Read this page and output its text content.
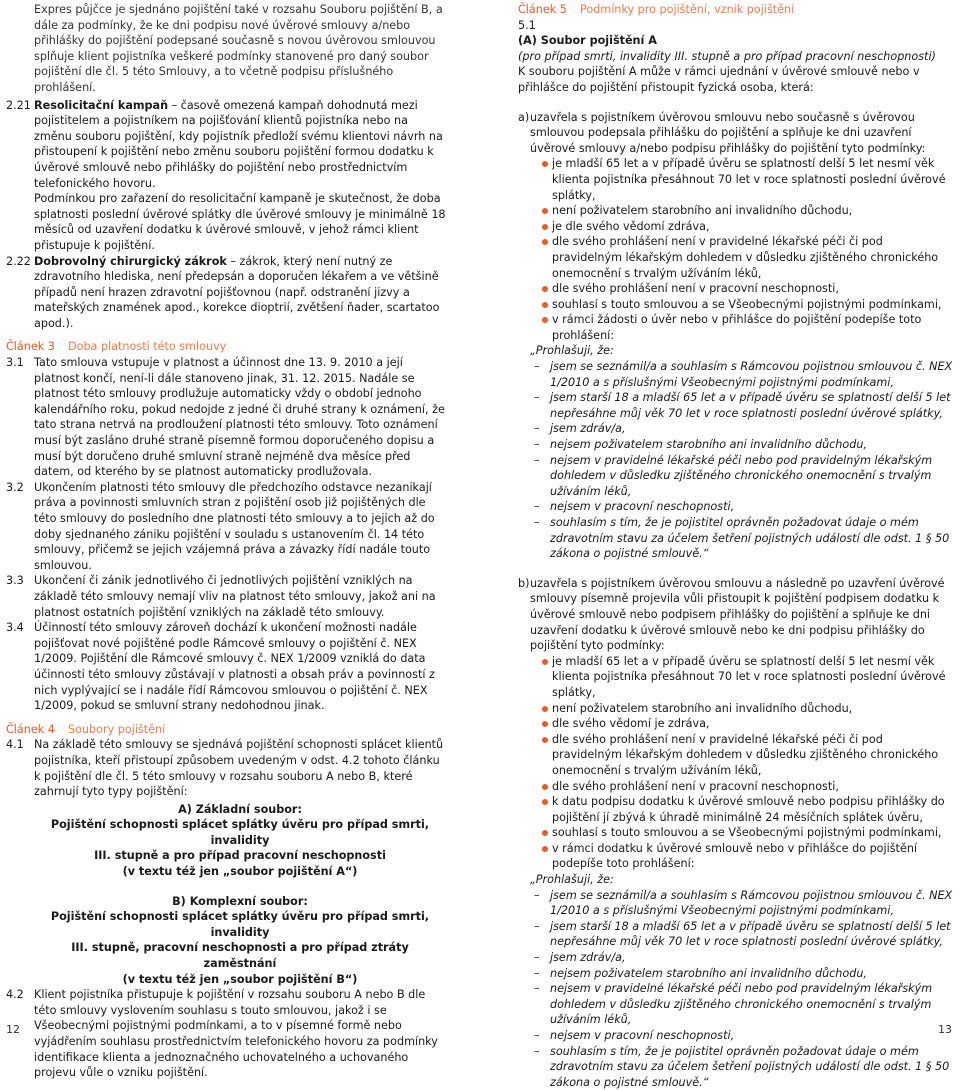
Expres půjčce je sjednáno pojištění také v rozsahu Souboru pojištění B, a dále za podmínky, že ke dni podpisu nové úvěrové smlouvy a/nebo přihlášky do pojištění podepsané současně s novou úvěrovou smlouvou splňuje klient pojistníka veškeré podmínky stanovené pro daný soubor pojištění dle čl. 5 této Smlouvy, a to včetně podpisu příslušného prohlášení.

2.21 Resolicitační kampaň – časově omezená kampaň dohodnutá mezi pojistitelem a pojistníkem na pojišťování klientů pojistníka nebo na změnu souboru pojištění, kdy pojistník předloží svému klientovi návrh na přistoupení k pojištění nebo změnu souboru pojištění formou dodatku k úvěrové smlouvě nebo přihlášky do pojištění nebo prostřednictvím telefonického hovoru.

Podmínkou pro zařazení do resolicitační kampaně je skutečnost, že doba splatnosti poslední úvěrové splátky dle úvěrové smlouvy je minimálně 18 měsíců od uzavření dodatku k úvěrové smlouvě, v jehož rámci klient přistupuje k pojištění.

2.22 Dobrovolný chirurgický zákrok – zákrok, který není nutný ze zdravotního hlediska, není předepsán a doporučen lékařem a ve většině případů není hrazen zdravotní pojišťovnou (např. odstranění jizvy a mateřských znamének apod., korekce dioptrií, zvětšení ňader, scartatoo apod.).

Článek 3 Doba platnosti této smlouvy

3.1 Tato smlouva vstupuje v platnost a účinnost dne 13. 9. 2010 a její platnost končí, není-li dále stanoveno jinak, 31. 12. 2015. Nadále se platnost této smlouvy prodlužuje automaticky vždy o období jednoho kalendářního roku, pokud nedojde z jedné či druhé strany k oznámení, že tato strana netrvá na prodloužení platnosti této smlouvy. Toto oznámení musí být zasláno druhé straně písemně formou doporučeného dopisu a musí být doručeno druhé smluvní straně nejméně dva měsíce před datem, od kterého by se platnost automaticky prodlužovala.

3.2 Ukončením platnosti této smlouvy dle předchozího odstavce nezanikají práva a povinnosti smluvních stran z pojištění osob již pojištěných dle této smlouvy do posledního dne platnosti této smlouvy a to jejich až do doby sjednaného zániku pojištění v souladu s ustanovením čl. 14 této smlouvy, přičemž se jejich vzájemná práva a závazky řídí nadále touto smlouvou.

3.3 Ukončení či zánik jednotlivého či jednotlivých pojištění vzniklých na základě této smlouvy nemají vliv na platnost této smlouvy, jakož ani na platnost ostatních pojištění vzniklých na základě této smlouvy.

3.4 Účinností této smlouvy zároveň dochází k ukončení možnosti nadále pojišťovat nové pojištěné podle Rámcové smlouvy o pojištění č. NEX 1/2009. Pojištění dle Rámcové smlouvy č. NEX 1/2009 vzniklá do data účinnosti této smlouvy zůstávají v platnosti a obsah práv a povinností z nich vyplývající se i nadále řídí Rámcovou smlouvou o pojištění č. NEX 1/2009, pokud se smluvní strany nedohodnou jinak.

Článek 4 Soubory pojištění

4.1 Na základě této smlouvy se sjednává pojištění schopnosti splácet klientů pojistníka, kteří přistoupí způsobem uvedeným v odst. 4.2 tohoto článku k pojištění dle čl. 5 této smlouvy v rozsahu souboru A nebo B, které zahrnují tyto typy pojištění:

A) Základní soubor:

Pojištění schopnosti splácet splátky úvěru pro případ smrti, invalidity

III. stupně a pro případ pracovní neschopnosti

(v textu též jen „soubor pojištění A“)

B) Komplexní soubor:

Pojištění schopnosti splácet splátky úvěru pro případ smrti, invalidity

III. stupně, pracovní neschopnosti a pro případ ztráty zaměstnání

(v textu též jen „soubor pojištění B“)

4.2 Klient pojistníka přistupuje k pojištění v rozsahu souboru A nebo B dle této smlouvy vyslovením souhlasu s touto smlouvou, jakož i se Všeobecnými pojistnými podmínkami, a to v písemné formě nebo vyjádřením souhlasu prostřednictvím telefonického hovoru za podmínky identifikace klienta a jednoznačného uchovatelného a uchovaného projevu vůle o vzniku pojištění.

Článek 5 Podmínky pro pojištění, vznik pojištění

5.1

(A) Soubor pojištění A

(pro případ smrti, invalidity III. stupně a pro případ pracovní neschopnosti)

K souboru pojištění A může v rámci ujednání v úvěrové smlouvě nebo v přihlášce do pojištění přistoupit fyzická osoba, která:

a) uzavřela s pojistníkem úvěrovou smlouvu nebo současně s úvěrovou smlouvou podepsala přihlášku do pojištění a splňuje ke dni uzavření úvěrové smlouvy a/nebo podpisu přihlášky do pojištění tyto podmínky:

je mladší 65 let a v případě úvěru se splatností delší 5 let nesmí věk klienta pojistníka přesáhnout 70 let v roce splatnosti poslední úvěrové splátky,
není poživatelem starobního ani invalidního důchodu,
je dle svého vědomí zdráva,
dle svého prohlášení není v pravidelné lékařské péči či pod pravidelným lékařským dohledem v důsledku zjištěného chronického onemocnění s trvalým užíváním léků,
dle svého prohlášení není v pracovní neschopnosti,
souhlasí s touto smlouvou a se Všeobecnými pojistnými podmínkami,
v rámci žádosti o úvěr nebo v přihlášce do pojištění podepíše toto prohlášení:

„Prohlašuji, že:

– jsem se seznámil/a a souhlasím s Rámcovou pojistnou smlouvou č. NEX 1/2010 a s příslušnými Všeobecnými pojistnými podmínkami,
– jsem starší 18 a mladší 65 let a v případě úvěru se splatností delší 5 let nepřesáhne můj věk 70 let v roce splatnosti poslední úvěrové splátky,
– jsem zdráv/a,
– nejsem poživatelem starobního ani invalidního důchodu,
– nejsem v pravidelné lékařské péči nebo pod pravidelným lékařským dohledem v důsledku zjištěného chronického onemocnění s trvalým užíváním léků,
– nejsem v pracovní neschopnosti,
– souhlasím s tím, že je pojistitel oprávněn požadovat údaje o mém zdravotním stavu za účelem šetření pojistných událostí dle odst. 1 § 50 zákona o pojistné smlouvě.“
b) uzavřela s pojistníkem úvěrovou smlouvu a následně po uzavření úvěrové smlouvy písemně projevila vůli přistoupit k pojištění podpisem dodatku k úvěrové smlouvě nebo podpisem přihlášky do pojištění a splňuje ke dni uzavření dodatku k úvěrové smlouvě nebo ke dni podpisu přihlášky do pojištění tyto podmínky:

je mladší 65 let a v případě úvěru se splatností delší 5 let nesmí věk klienta pojistníka přesáhnout 70 let v roce splatnosti poslední úvěrové splátky,
není poživatelem starobního ani invalidního důchodu,
dle svého vědomí je zdráva,
dle svého prohlášení není v pravidelné lékařské péči či pod pravidelným lékařským dohledem v důsledku zjištěného chronického onemocnění s trvalým užíváním léků,
dle svého prohlášení není v pracovní neschopnosti,
k datu podpisu dodatku k úvěrové smlouvě nebo podpisu přihlášky do pojištění jí zbývá k úhradě minimálně 24 měsíčních splátek úvěru,
souhlasí s touto smlouvou a se Všeobecnými pojistnými podmínkami,
v rámci dodatku k úvěrové smlouvě nebo v přihlášce do pojištění podepíše toto prohlášení:

„Prohlašuji, že:

– jsem se seznámil/a a souhlasím s Rámcovou pojistnou smlouvou č. NEX 1/2010 a s příslušnými Všeobecnými pojistnými podmínkami,
– jsem starší 18 a mladší 65 let a v případě úvěru se splatností delší 5 let nepřesáhne můj věk 70 let v roce splatnosti poslední úvěrové splátky,
– jsem zdráv/a,
– nejsem poživatelem starobního ani invalidního důchodu,
– nejsem v pravidelné lékařské péči nebo pod pravidelným lékařským dohledem v důsledku zjištěného chronického onemocnění s trvalým užíváním léků,
– nejsem v pracovní neschopnosti,
– souhlasím s tím, že je pojistitel oprávněn požadovat údaje o mém zdravotním stavu za účelem šetření pojistných událostí dle odst. 1 § 50 zákona o pojistné smlouvě.“
12	13
